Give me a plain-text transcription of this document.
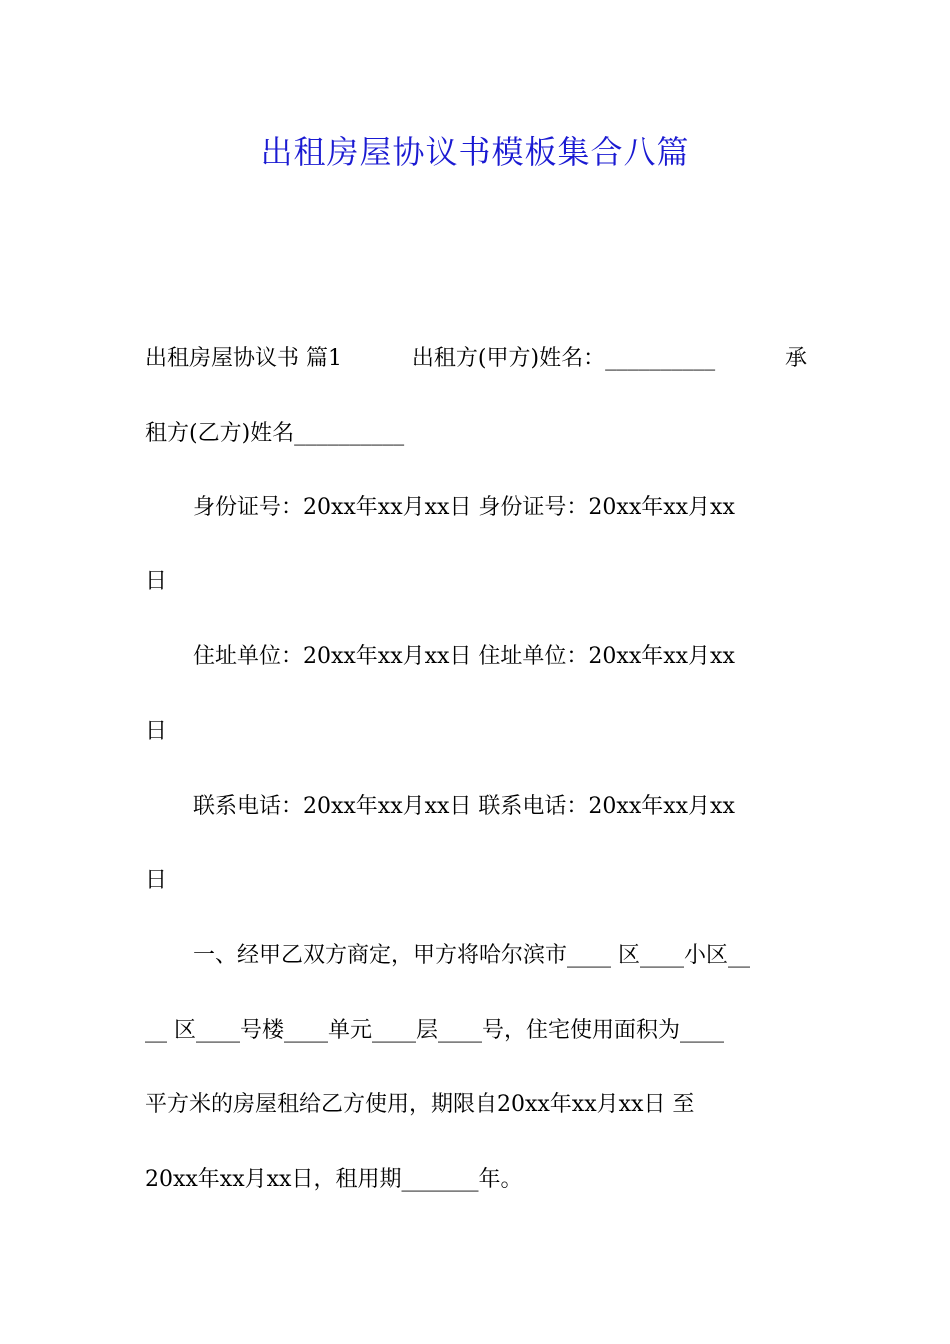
出租房屋协议书模板集合八篇
出租房屋协议书 篇1	出租方(甲方)姓名：__________	承
租方(乙方)姓名__________
身份证号：20xx年xx月xx日 身份证号：20xx年xx月xx
日
住址单位：20xx年xx月xx日 住址单位：20xx年xx月xx
日
联系电话：20xx年xx月xx日 联系电话：20xx年xx月xx
日
一、经甲乙双方商定，甲方将哈尔滨市____ 区____小区__
__ 区____号楼____单元____层____号，住宅使用面积为____
平方米的房屋租给乙方使用，期限自20xx年xx月xx日 至
20xx年xx月xx日，租用期_______年。
